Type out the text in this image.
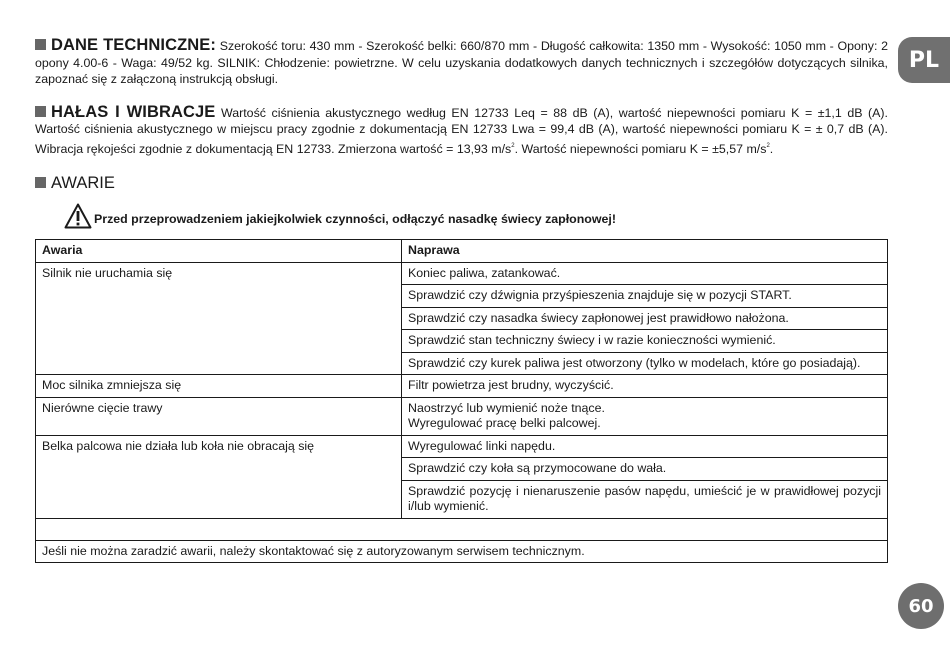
PL

DANE TECHNICZNE: Szerokość toru: 430 mm - Szerokość belki: 660/870 mm - Długość całkowita: 1350 mm - Wysokość: 1050 mm - Opony: 2 opony 4.00-6 - Waga: 49/52 kg. SILNIK: Chłodzenie: powietrzne. W celu uzyskania dodatkowych danych technicznych i szczegółów dotyczących silnika, zapoznać się z załączoną instrukcją obsługi.

HAŁAS I WIBRACJE Wartość ciśnienia akustycznego według EN 12733 Leq = 88 dB (A), wartość niepewności pomiaru K = ±1,1 dB (A). Wartość ciśnienia akustycznego w miejscu pracy zgodnie z dokumentacją EN 12733 Lwa = 99,4 dB (A), wartość niepewności pomiaru K = ± 0,7 dB (A). Wibracja rękojeści zgodnie z dokumentacją EN 12733. Zmierzona wartość = 13,93 $m/s^2$. Wartość niepewności pomiaru K = ±5,57 $m/s^2$.

AWARIE
Przed przeprowadzeniem jakiejkolwiek czynności, odłączyć nasadkę świecy zapłonowej!
Awaria	Naprawa
Silnik nie uruchamia się	Koniec paliwa, zatankować.
	Sprawdzić czy dźwignia przyśpieszenia znajduje się w pozycji START.
	Sprawdzić czy nasadka świecy zapłonowej jest prawidłowo nałożona.
	Sprawdzić stan techniczny świecy i w razie konieczności wymienić.
	Sprawdzić czy kurek paliwa jest otworzony (tylko w modelach, które go posiadają).
Moc silnika zmniejsza się	Filtr powietrza jest brudny, wyczyścić.
Nierówne cięcie trawy	Naostrzyć lub wymienić noże tnące.
Wyregulować pracę belki palcowej.
Belka palcowa nie działa lub koła nie obracają się	Wyregulować linki napędu.
	Sprawdzić czy koła są przymocowane do wała.
	Sprawdzić pozycję i nienaruszenie pasów napędu, umieścić je w prawidłowej pozycji i/lub wymienić.

Jeśli nie można zaradzić awarii, należy skontaktować się z autoryzowanym serwisem technicznym.	
60
